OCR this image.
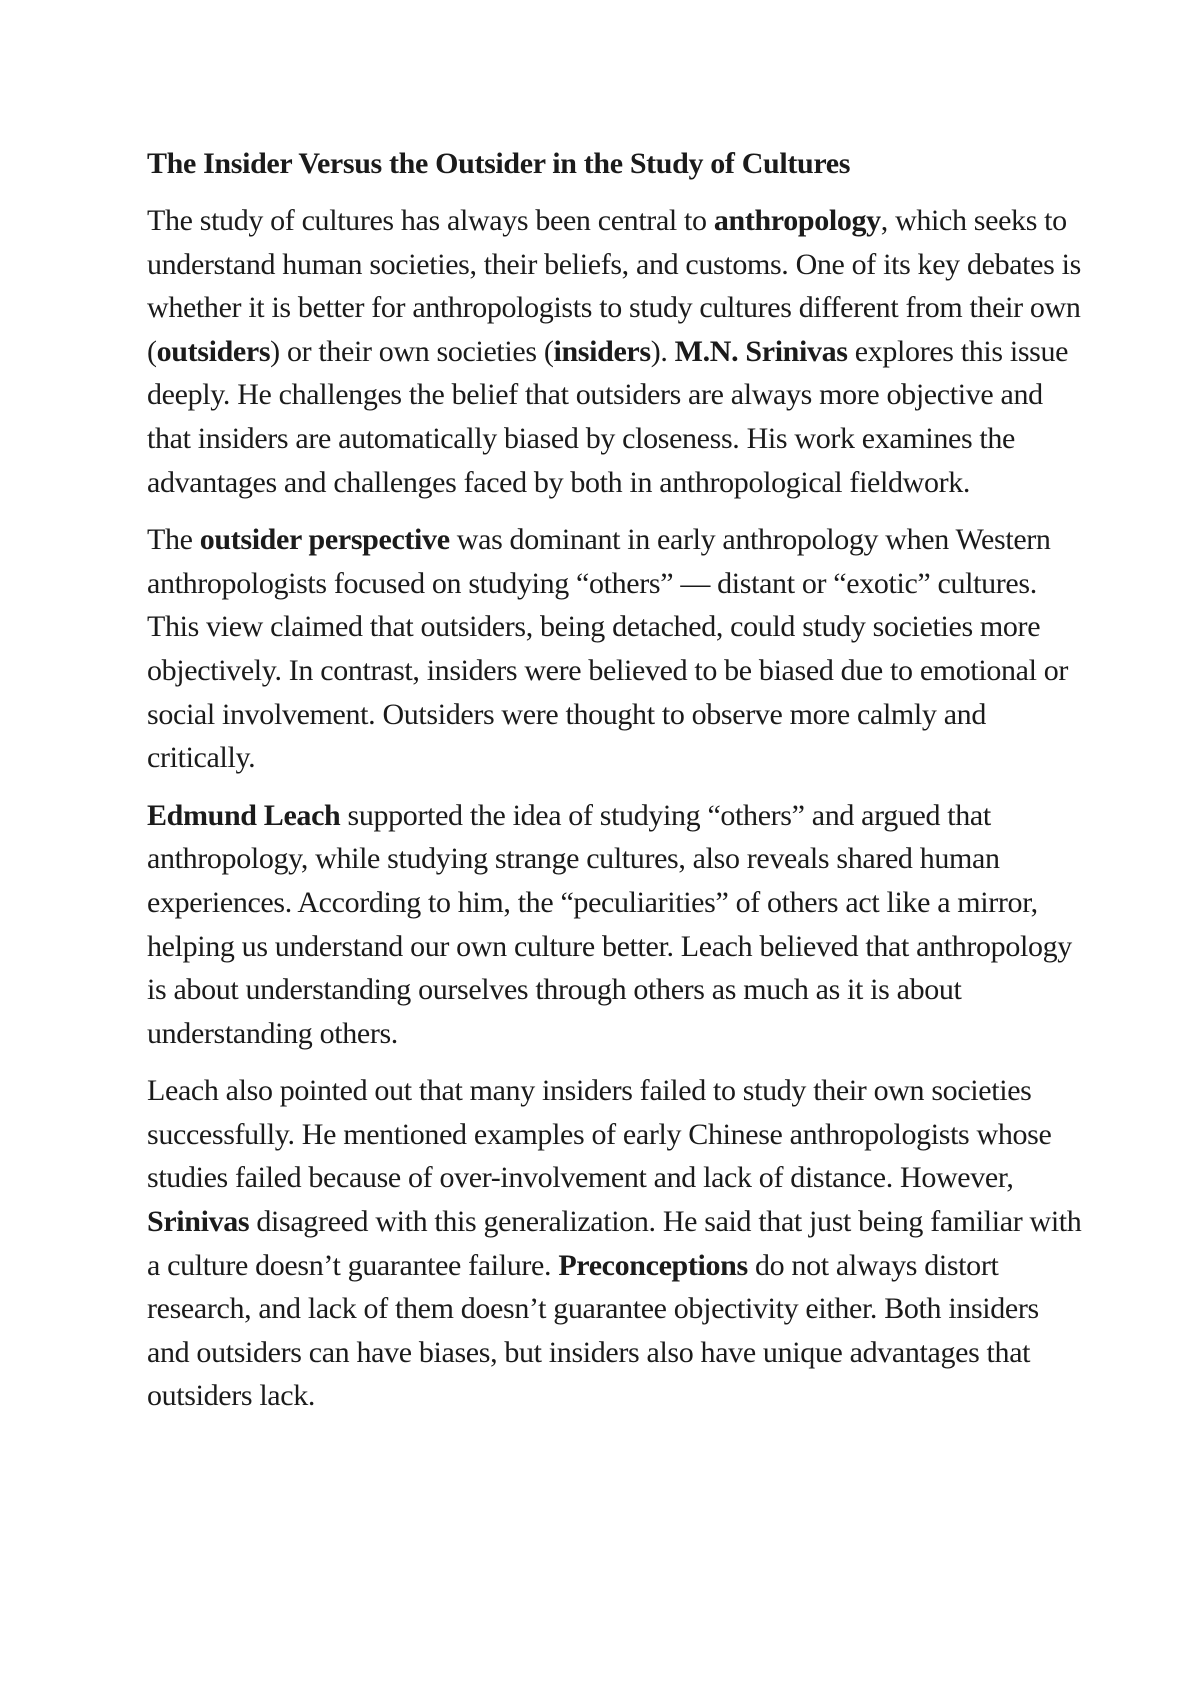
The Insider Versus the Outsider in the Study of Cultures

The study of cultures has always been central to anthropology, which seeks to understand human societies, their beliefs, and customs. One of its key debates is whether it is better for anthropologists to study cultures different from their own (outsiders) or their own societies (insiders). M.N. Srinivas explores this issue deeply. He challenges the belief that outsiders are always more objective and that insiders are automatically biased by closeness. His work examines the advantages and challenges faced by both in anthropological fieldwork.

The outsider perspective was dominant in early anthropology when Western anthropologists focused on studying “others” — distant or “exotic” cultures. This view claimed that outsiders, being detached, could study societies more objectively. In contrast, insiders were believed to be biased due to emotional or social involvement. Outsiders were thought to observe more calmly and critically.

Edmund Leach supported the idea of studying “others” and argued that anthropology, while studying strange cultures, also reveals shared human experiences. According to him, the “peculiarities” of others act like a mirror, helping us understand our own culture better. Leach believed that anthropology is about understanding ourselves through others as much as it is about understanding others.

Leach also pointed out that many insiders failed to study their own societies successfully. He mentioned examples of early Chinese anthropologists whose studies failed because of over-involvement and lack of distance. However, Srinivas disagreed with this generalization. He said that just being familiar with a culture doesn’t guarantee failure. Preconceptions do not always distort research, and lack of them doesn’t guarantee objectivity either. Both insiders and outsiders can have biases, but insiders also have unique advantages that outsiders lack.
